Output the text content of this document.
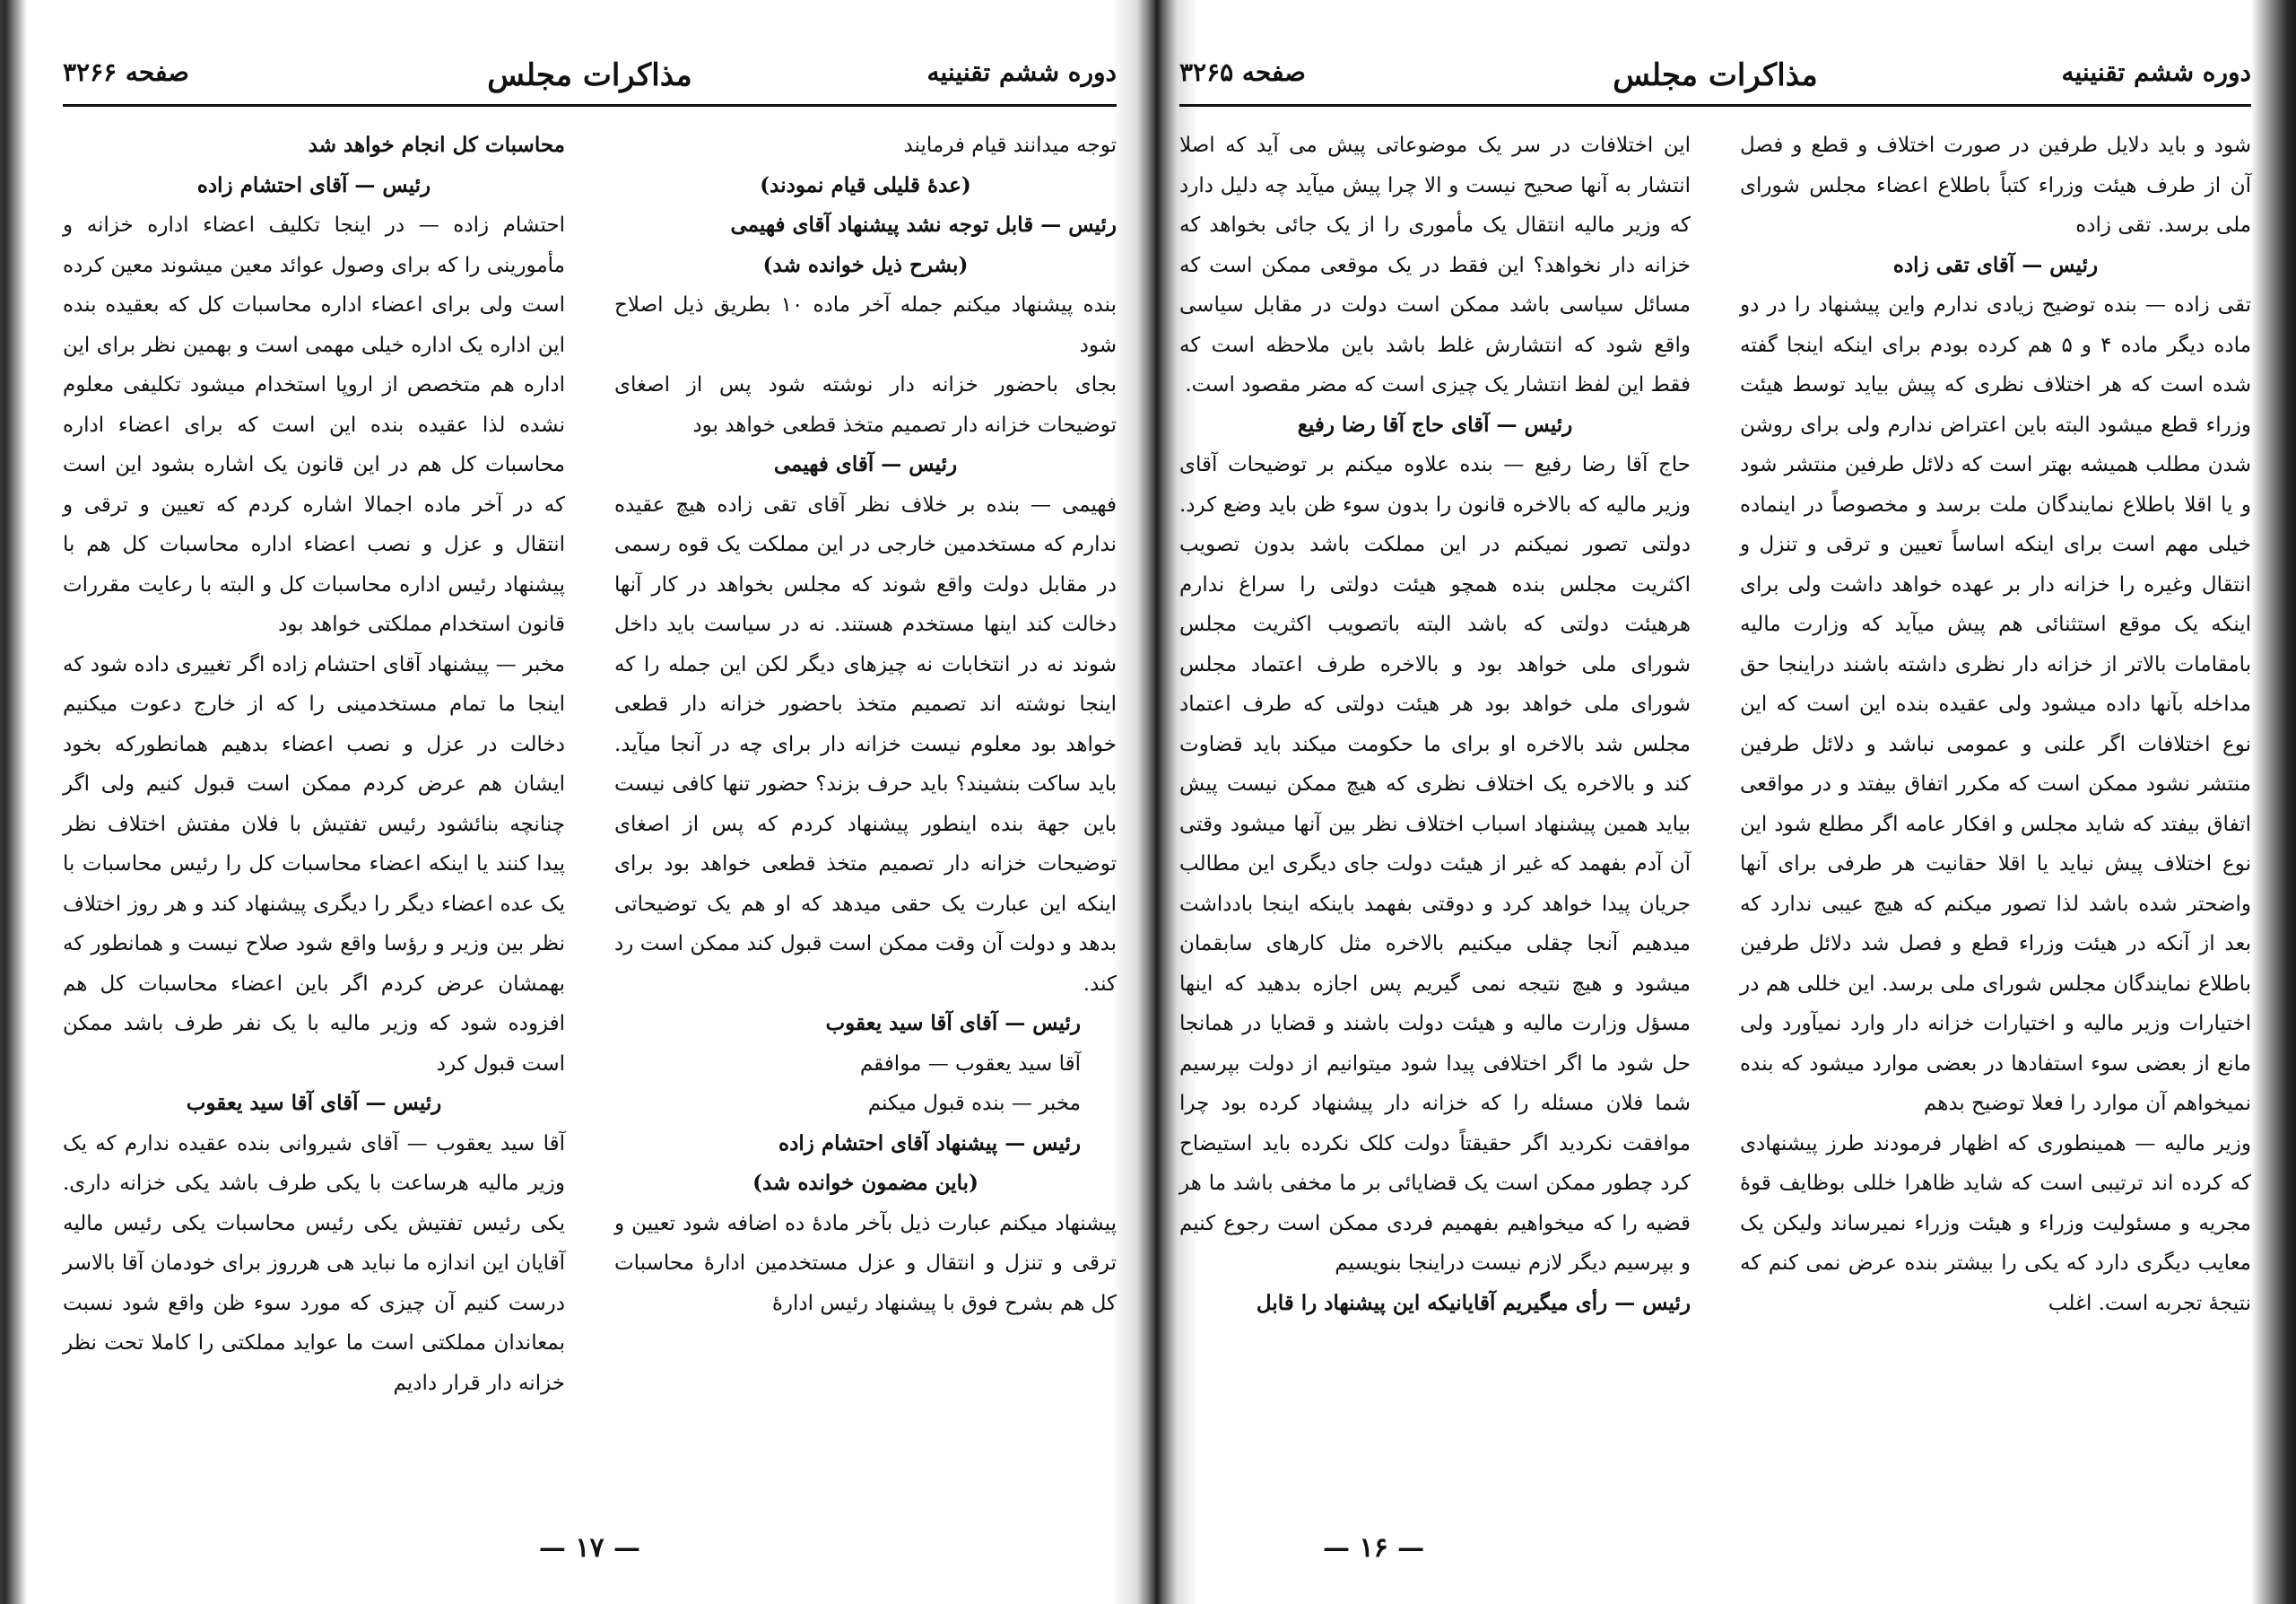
دوره ششم تقنینیه
مذاکرات مجلس
صفحه ۳۲۶۶

توجه میدانند قیام فرمایند

(عدهٔ قلیلی قیام نمودند)

رئیس — قابل توجه نشد پیشنهاد آقای فهیمی

(بشرح ذیل خوانده شد)

بنده پیشنهاد میکنم جمله آخر ماده ۱۰ بطریق ذیل اصلاح شود

بجای باحضور خزانه دار نوشته شود پس از اصغای توضیحات خزانه دار تصمیم متخذ قطعی خواهد بود

رئیس — آقای فهیمی

فهیمی — بنده بر خلاف نظر آقای تقی زاده هیچ عقیده ندارم که مستخدمین خارجی در این مملکت یک قوه رسمی در مقابل دولت واقع شوند که مجلس بخواهد در کار آنها دخالت کند اینها مستخدم هستند. نه در سیاست باید داخل شوند نه در انتخابات نه چیزهای دیگر لکن این جمله را که اینجا نوشته اند تصمیم متخذ باحضور خزانه دار قطعی خواهد بود معلوم نیست خزانه دار برای چه در آنجا میآید. باید ساکت بنشیند؟ باید حرف بزند؟ حضور تنها کافی نیست باین جهة بنده اینطور پیشنهاد کردم که پس از اصغای توضیحات خزانه دار تصمیم متخذ قطعی خواهد بود برای اینکه این عبارت یک حقی میدهد که او هم یک توضیحاتی بدهد و دولت آن وقت ممکن است قبول کند ممکن است رد کند.

رئیس — آقای آقا سید یعقوب

آقا سید یعقوب — موافقم

مخبر — بنده قبول میکنم

رئیس — پیشنهاد آقای احتشام زاده

(باین مضمون خوانده شد)

پیشنهاد میکنم عبارت ذیل بآخر مادهٔ ده اضافه شود تعیین و ترقی و تنزل و انتقال و عزل مستخدمین ادارهٔ محاسبات کل هم بشرح فوق با پیشنهاد رئیس ادارهٔ

محاسبات کل انجام خواهد شد

رئیس — آقای احتشام زاده

احتشام زاده — در اینجا تکلیف اعضاء اداره خزانه و مأمورینی را که برای وصول عوائد معین میشوند معین کرده است ولی برای اعضاء اداره محاسبات کل که بعقیده بنده این اداره یک اداره خیلی مهمی است و بهمین نظر برای این اداره هم متخصص از اروپا استخدام میشود تکلیفی معلوم نشده لذا عقیده بنده این است که برای اعضاء اداره محاسبات کل هم در این قانون یک اشاره بشود این است که در آخر ماده اجمالا اشاره کردم که تعیین و ترقی و انتقال و عزل و نصب اعضاء اداره محاسبات کل هم با پیشنهاد رئیس اداره محاسبات کل و البته با رعایت مقررات قانون استخدام مملکتی خواهد بود

مخبر — پیشنهاد آقای احتشام زاده اگر تغییری داده شود که اینجا ما تمام مستخدمینی را که از خارج دعوت میکنیم دخالت در عزل و نصب اعضاء بدهیم همانطورکه بخود ایشان هم عرض کردم ممکن است قبول کنیم ولی اگر چنانچه بنائشود رئیس تفتیش با فلان مفتش اختلاف نظر پیدا کنند یا اینکه اعضاء محاسبات کل را رئیس محاسبات با یک عده اعضاء دیگر را دیگری پیشنهاد کند و هر روز اختلاف نظر بین وزیر و رؤسا واقع شود صلاح نیست و همانطور که بهمشان عرض کردم اگر باین اعضاء محاسبات کل هم افزوده شود که وزیر مالیه با یک نفر طرف باشد ممکن است قبول کرد

رئیس — آقای آقا سید یعقوب

آقا سید یعقوب — آقای شیروانی بنده عقیده ندارم که یک وزیر مالیه هرساعت با یکی طرف باشد یکی خزانه داری. یکی رئیس تفتیش یکی رئیس محاسبات یکی رئیس مالیه آقایان این اندازه ما نباید هی هرروز برای خودمان آقا بالاسر درست کنیم آن چیزی که مورد سوء ظن واقع شود نسبت بمعاندان مملکتی است ما عواید مملکتی را کاملا تحت نظر خزانه دار قرار دادیم

— ۱۷ —
دوره ششم تقنینیه
مذاکرات مجلس
صفحه ۳۲۶۵

شود و باید دلایل طرفین در صورت اختلاف و قطع و فصل آن از طرف هیئت وزراء کتباً باطلاع اعضاء مجلس شورای ملی برسد. تقی زاده

رئیس — آقای تقی زاده

تقی زاده — بنده توضیح زیادی ندارم واین پیشنهاد را در دو ماده دیگر ماده ۴ و ۵ هم کرده بودم برای اینکه اینجا گفته شده است که هر اختلاف نظری که پیش بیاید توسط هیئت وزراء قطع میشود البته باین اعتراض ندارم ولی برای روشن شدن مطلب همیشه بهتر است که دلائل طرفین منتشر شود و یا اقلا باطلاع نمایندگان ملت برسد و مخصوصاً در اینماده خیلی مهم است برای اینکه اساساً تعیین و ترقی و تنزل و انتقال وغیره را خزانه دار بر عهده خواهد داشت ولی برای اینکه یک موقع استثنائی هم پیش میآید که وزارت مالیه بامقامات بالاتر از خزانه دار نظری داشته باشند دراینجا حق مداخله بآنها داده میشود ولی عقیده بنده این است که این نوع اختلافات اگر علنی و عمومی نباشد و دلائل طرفین منتشر نشود ممکن است که مکرر اتفاق بیفتد و در مواقعی اتفاق بیفتد که شاید مجلس و افکار عامه اگر مطلع شود این نوع اختلاف پیش نیاید یا اقلا حقانیت هر طرفی برای آنها واضحتر شده باشد لذا تصور میکنم که هیچ عیبی ندارد که بعد از آنکه در هیئت وزراء قطع و فصل شد دلائل طرفین باطلاع نمایندگان مجلس شورای ملی برسد. این خللی هم در اختیارات وزیر مالیه و اختیارات خزانه دار وارد نمیآورد ولی مانع از بعضی سوء استفادها در بعضی موارد میشود که بنده نمیخواهم آن موارد را فعلا توضیح بدهم

وزیر مالیه — همینطوری که اظهار فرمودند طرز پیشنهادی که کرده اند ترتیبی است که شاید ظاهرا خللی بوظایف قوهٔ مجریه و مسئولیت وزراء و هیئت وزراء نمیرساند ولیکن یک معایب دیگری دارد که یکی را بیشتر بنده عرض نمی کنم که نتیجهٔ تجربه است. اغلب

این اختلافات در سر یک موضوعاتی پیش می آید که اصلا انتشار به آنها صحیح نیست و الا چرا پیش میآید چه دلیل دارد که وزیر مالیه انتقال یک مأموری را از یک جائی بخواهد که خزانه دار نخواهد؟ این فقط در یک موقعی ممکن است که مسائل سیاسی باشد ممکن است دولت در مقابل سیاسی واقع شود که انتشارش غلط باشد باین ملاحظه است که فقط این لفظ انتشار یک چیزی است که مضر مقصود است.

رئیس — آقای حاج آقا رضا رفیع

حاج آقا رضا رفیع — بنده علاوه میکنم بر توضیحات آقای وزیر مالیه که بالاخره قانون را بدون سوء ظن باید وضع کرد. دولتی تصور نمیکنم در این مملکت باشد بدون تصویب اکثریت مجلس بنده همچو هیئت دولتی را سراغ ندارم هرهیئت دولتی که باشد البته باتصویب اکثریت مجلس شورای ملی خواهد بود و بالاخره طرف اعتماد مجلس شورای ملی خواهد بود هر هیئت دولتی که طرف اعتماد مجلس شد بالاخره او برای ما حکومت میکند باید قضاوت کند و بالاخره یک اختلاف نظری که هیچ ممکن نیست پیش بیاید همین پیشنهاد اسباب اختلاف نظر بین آنها میشود وقتی آن آدم بفهمد که غیر از هیئت دولت جای دیگری این مطالب جریان پیدا خواهد کرد و دوقتی بفهمد باینکه اینجا بادداشت میدهیم آنجا چقلی میکنیم بالاخره مثل کارهای سابقمان میشود و هیچ نتیجه نمی گیریم پس اجازه بدهید که اینها مسؤل وزارت مالیه و هیئت دولت باشند و قضایا در همانجا حل شود ما اگر اختلافی پیدا شود میتوانیم از دولت بپرسیم شما فلان مسئله را که خزانه دار پیشنهاد کرده بود چرا موافقت نکردید اگر حقیقتاً دولت کلک نکرده باید استیضاح کرد چطور ممکن است یک قضایائی بر ما مخفی باشد ما هر قضیه را که میخواهیم بفهمیم فردی ممکن است رجوع کنیم و بپرسیم دیگر لازم نیست دراینجا بنویسیم

رئیس — رأی میگیریم آقایانیکه این پیشنهاد را قابل

— ۱۶ —
